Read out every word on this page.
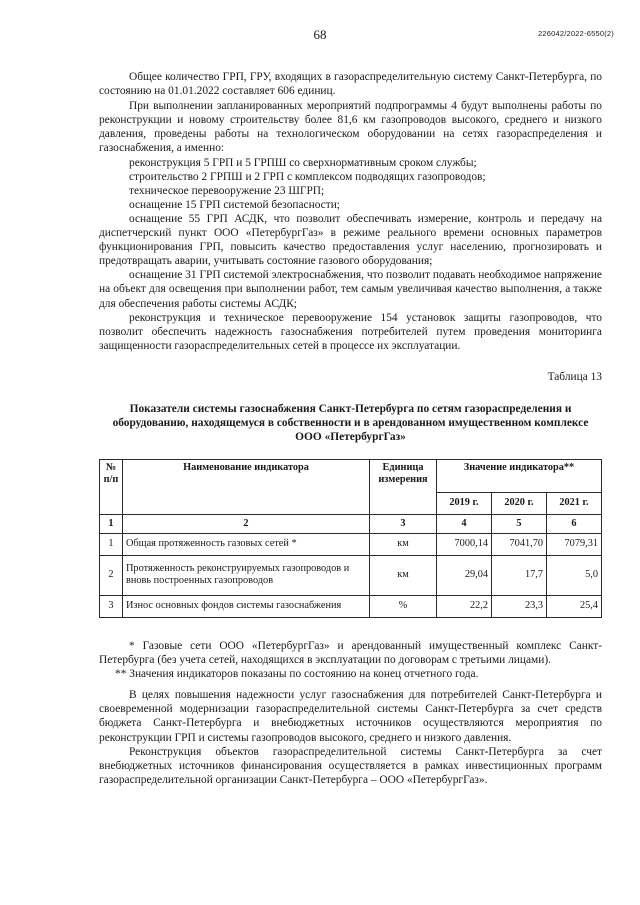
68	226042/2022-6550(2)

Общее количество ГРП, ГРУ, входящих в газораспределительную систему Санкт-Петербурга, по состоянию на 01.01.2022 составляет 606 единиц.

При выполнении запланированных мероприятий подпрограммы 4 будут выполнены работы по реконструкции и новому строительству более 81,6 км газопроводов высокого, среднего и низкого давления, проведены работы на технологическом оборудовании на сетях газораспределения и газоснабжения, а именно:

реконструкция 5 ГРП и 5 ГРПШ со сверхнормативным сроком службы;

строительство 2 ГРПШ и 2 ГРП с комплексом подводящих газопроводов;

техническое перевооружение 23 ШГРП;

оснащение 15 ГРП системой безопасности;

оснащение 55 ГРП АСДК, что позволит обеспечивать измерение, контроль и передачу на диспетчерский пункт ООО «ПетербургГаз» в режиме реального времени основных параметров функционирования ГРП, повысить качество предоставления услуг населению, прогнозировать и предотвращать аварии, учитывать состояние газового оборудования;

оснащение 31 ГРП системой электроснабжения, что позволит подавать необходимое напряжение на объект для освещения при выполнении работ, тем самым увеличивая качество выполнения, а также для обеспечения работы системы АСДК;

реконструкция и техническое перевооружение 154 установок защиты газопроводов, что позволит обеспечить надежность газоснабжения потребителей путем проведения мониторинга защищенности газораспределительных сетей в процессе их эксплуатации.

Таблица 13

Показатели системы газоснабжения Санкт-Петербурга по сетям газораспределения и оборудованию, находящемуся в собственности и в арендованном имущественном комплексе ООО «ПетербургГаз»

№ п/п	Наименование индикатора	Единица измерения	Значение индикатора**		
			2019 г.	2020 г.	2021 г.
1	2	3	4	5	6
1	Общая протяженность газовых сетей *	км	7000,14	7041,70	7079,31
2	Протяженность реконструируемых газопроводов и вновь построенных газопроводов	км	29,04	17,7	5,0
3	Износ основных фондов системы газоснабжения	%	22,2	23,3	25,4

* Газовые сети ООО «ПетербургГаз» и арендованный имущественный комплекс Санкт-Петербурга (без учета сетей, находящихся в эксплуатации по договорам с третьими лицами).

** Значения индикаторов показаны по состоянию на конец отчетного года.

В целях повышения надежности услуг газоснабжения для потребителей Санкт-Петербурга и своевременной модернизации газораспределительной системы Санкт-Петербурга за счет средств бюджета Санкт-Петербурга и внебюджетных источников осуществляются мероприятия по реконструкции ГРП и системы газопроводов высокого, среднего и низкого давления.

Реконструкция объектов газораспределительной системы Санкт-Петербурга за счет внебюджетных источников финансирования осуществляется в рамках инвестиционных программ газораспределительной организации Санкт-Петербурга – ООО «ПетербургГаз».
